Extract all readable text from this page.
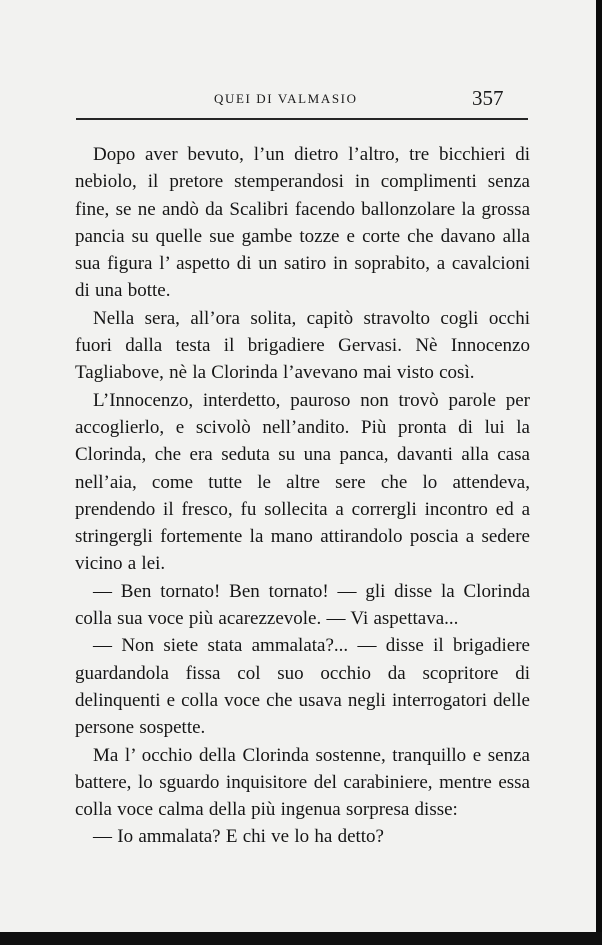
QUEI DI VALMASIO	357

Dopo aver bevuto, l’un dietro l’altro, tre bicchieri di nebiolo, il pretore stemperandosi in complimenti senza fine, se ne andò da Scalibri facendo ballonzolare la grossa pancia su quelle sue gambe tozze e corte che davano alla sua figura l’ aspetto di un satiro in soprabito, a cavalcioni di una botte.

Nella sera, all’ora solita, capitò stravolto cogli occhi fuori dalla testa il brigadiere Gervasi. Nè Innocenzo Tagliabove, nè la Clorinda l’avevano mai visto così.

L’Innocenzo, interdetto, pauroso non trovò parole per accoglierlo, e scivolò nell’andito. Più pronta di lui la Clorinda, che era seduta su una panca, davanti alla casa nell’aia, come tutte le altre sere che lo attendeva, prendendo il fresco, fu sollecita a corrergli incontro ed a stringergli fortemente la mano attirandolo poscia a sedere vicino a lei.

— Ben tornato! Ben tornato! — gli disse la Clorinda colla sua voce più acarezzevole. — Vi aspettava...

— Non siete stata ammalata?... — disse il brigadiere guardandola fissa col suo occhio da scopritore di delinquenti e colla voce che usava negli interrogatori delle persone sospette.

Ma l’ occhio della Clorinda sostenne, tranquillo e senza battere, lo sguardo inquisitore del carabiniere, mentre essa colla voce calma della più ingenua sorpresa disse:

— Io ammalata? E chi ve lo ha detto?
